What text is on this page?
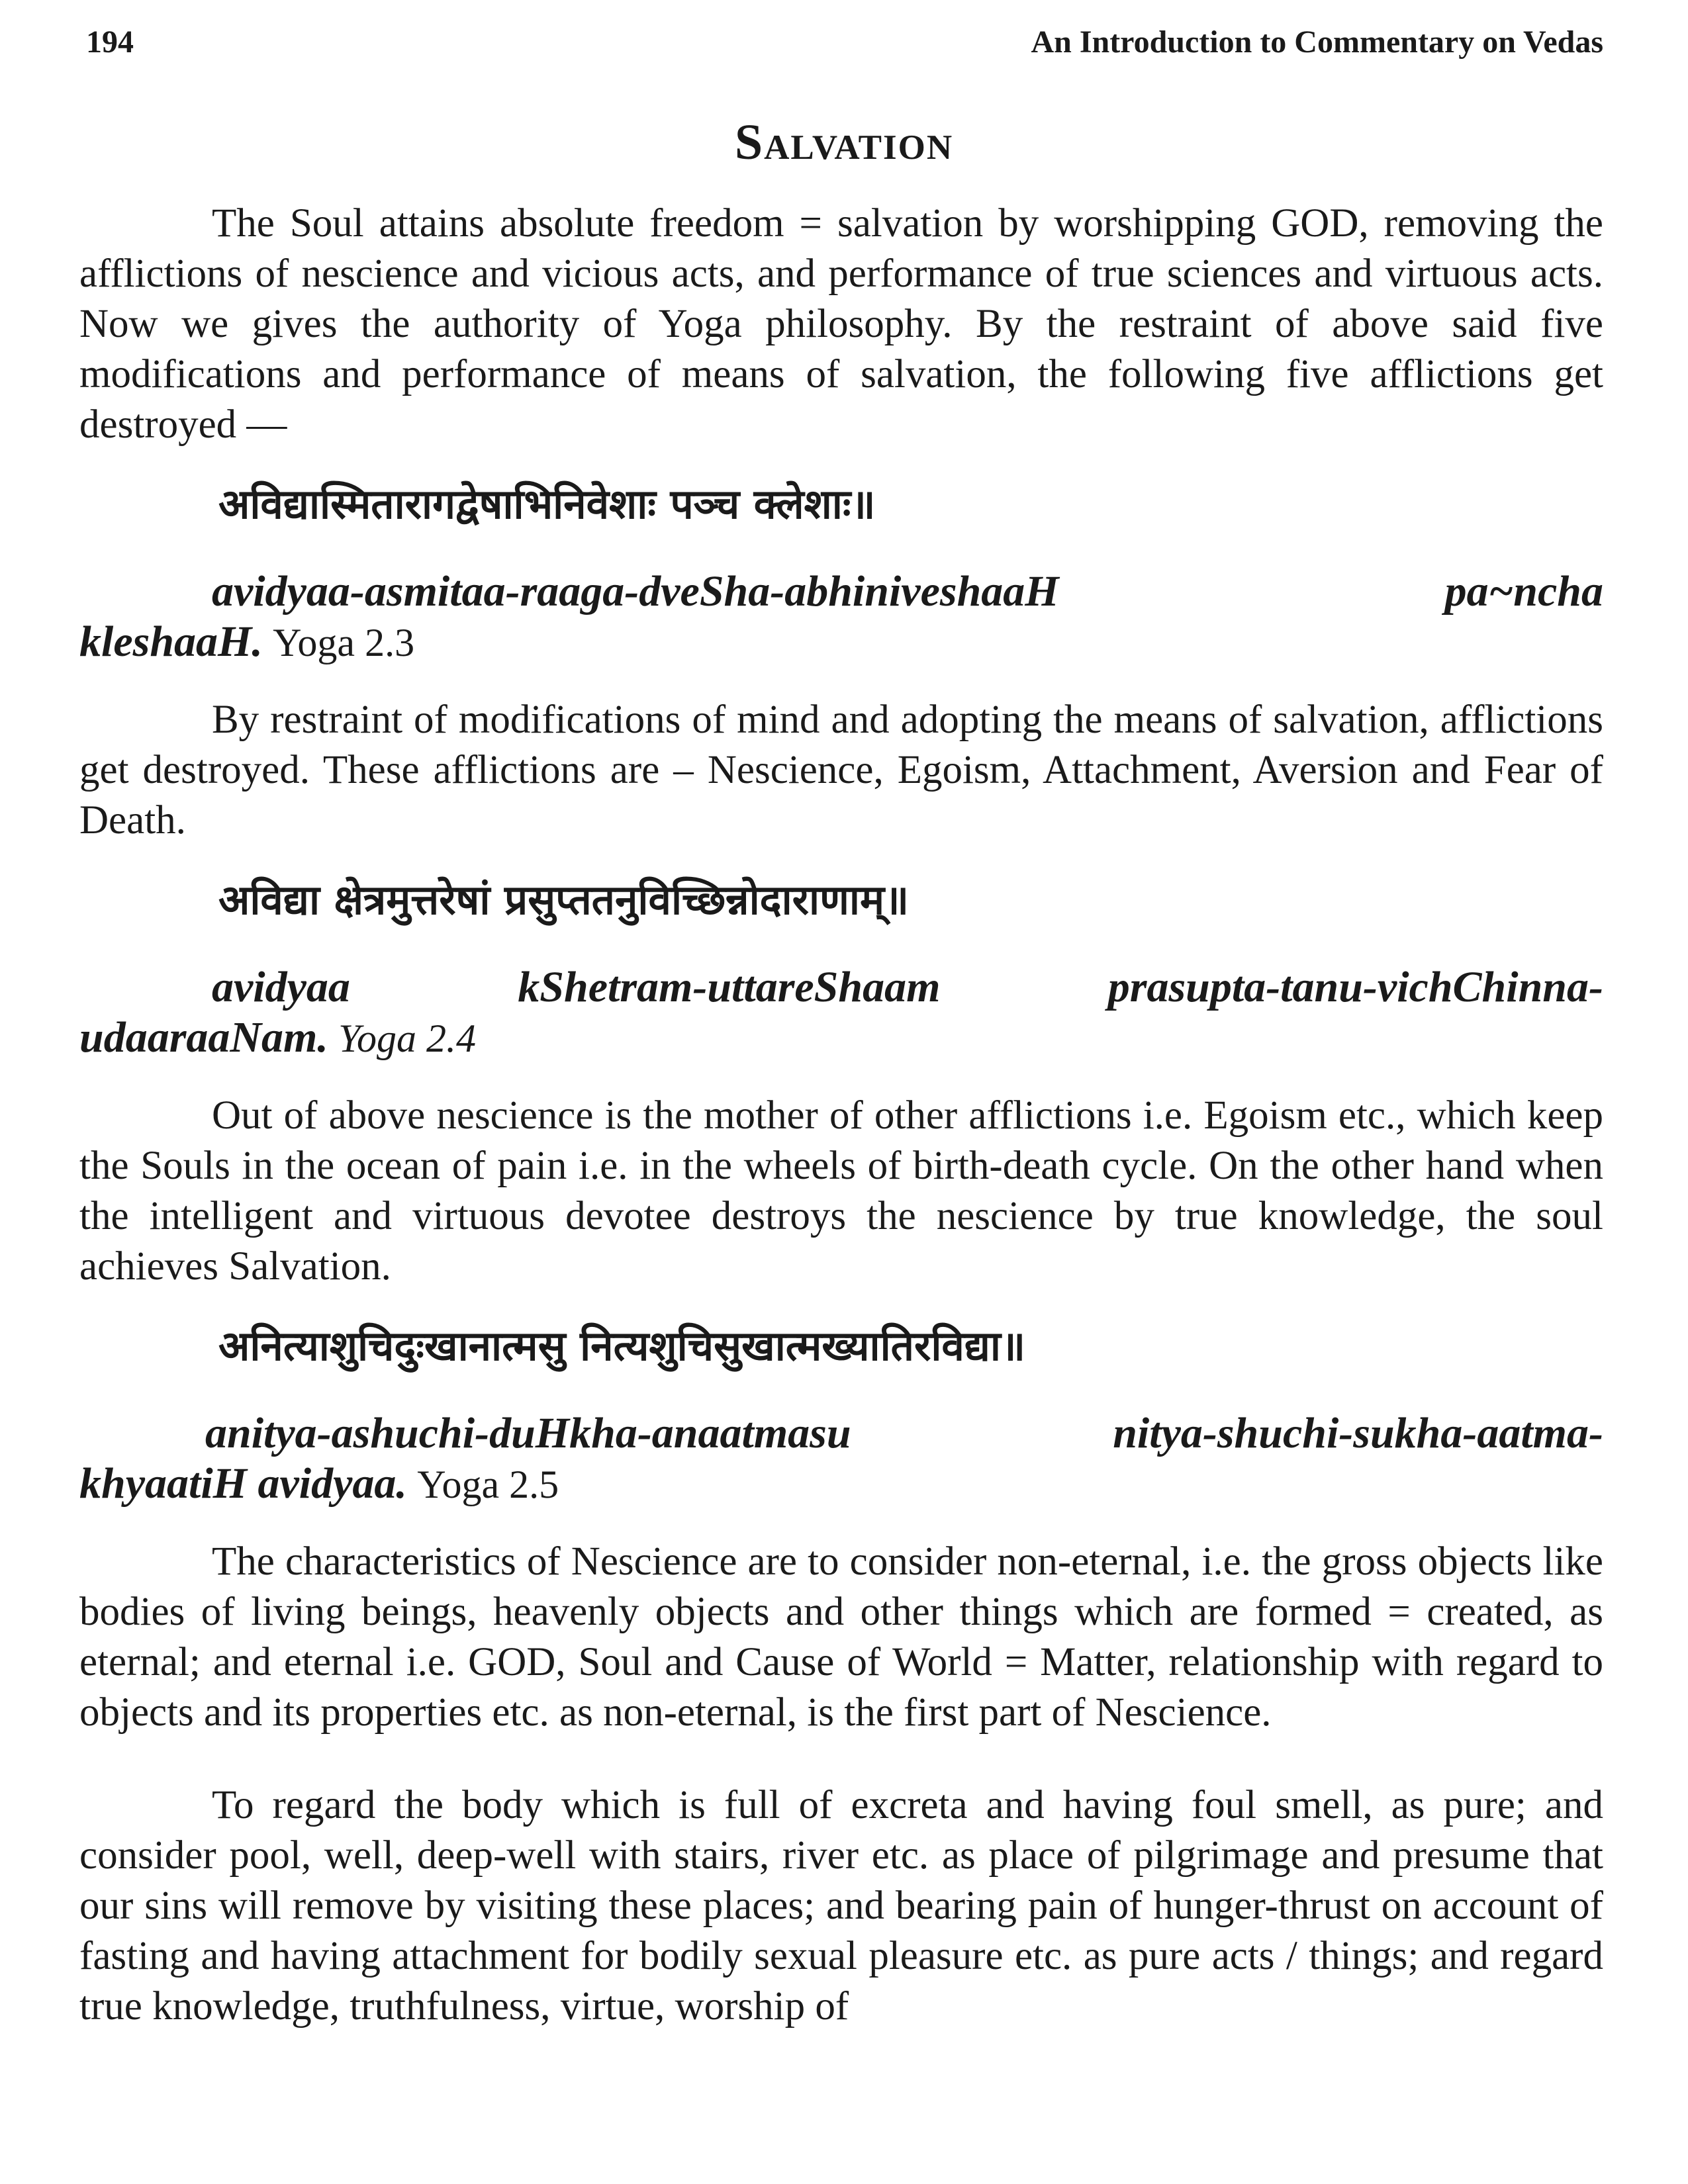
194	An Introduction to Commentary on Vedas
Salvation

The Soul attains absolute freedom = salvation by worshipping GOD, removing the afflictions of nescience and vicious acts, and performance of true sciences and virtuous acts. Now we gives the authority of Yoga philosophy. By the restraint of above said five modifications and performance of means of salvation, the following five afflictions get destroyed —

अविद्यास्मितारागद्वेषाभिनिवेशाः पञ्च क्लेशाः॥
avidyaa-asmitaa-raaga-dveSha-abhiniveshaaH	pa~ncha
kleshaaH. Yoga 2.3

By restraint of modifications of mind and adopting the means of salvation, afflictions get destroyed. These afflictions are – Nescience, Egoism, Attachment, Aversion and Fear of Death.

अविद्या क्षेत्रमुत्तरेषां प्रसुप्ततनुविच्छिन्नोदाराणाम्॥
avidyaa	kShetram-uttareShaam	prasupta-tanu-vichChinna-
udaaraaNam. Yoga 2.4

Out of above nescience is the mother of other afflictions i.e. Egoism etc., which keep the Souls in the ocean of pain i.e. in the wheels of birth-death cycle. On the other hand when the intelligent and virtuous devotee destroys the nescience by true knowledge, the soul achieves Salvation.

अनित्याशुचिदुःखानात्मसु नित्यशुचिसुखात्मख्यातिरविद्या॥
anitya-ashuchi-duHkha-anaatmasu	nitya-shuchi-sukha-aatma-
khyaatiH avidyaa. Yoga 2.5

The characteristics of Nescience are to consider non-eternal, i.e. the gross objects like bodies of living beings, heavenly objects and other things which are formed = created, as eternal; and eternal i.e. GOD, Soul and Cause of World = Matter, relationship with regard to objects and its properties etc. as non-eternal, is the first part of Nescience.

To regard the body which is full of excreta and having foul smell, as pure; and consider pool, well, deep-well with stairs, river etc. as place of pilgrimage and presume that our sins will remove by visiting these places; and bearing pain of hunger-thrust on account of fasting and having attachment for bodily sexual pleasure etc. as pure acts / things; and regard true knowledge, truthfulness, virtue, worship of
